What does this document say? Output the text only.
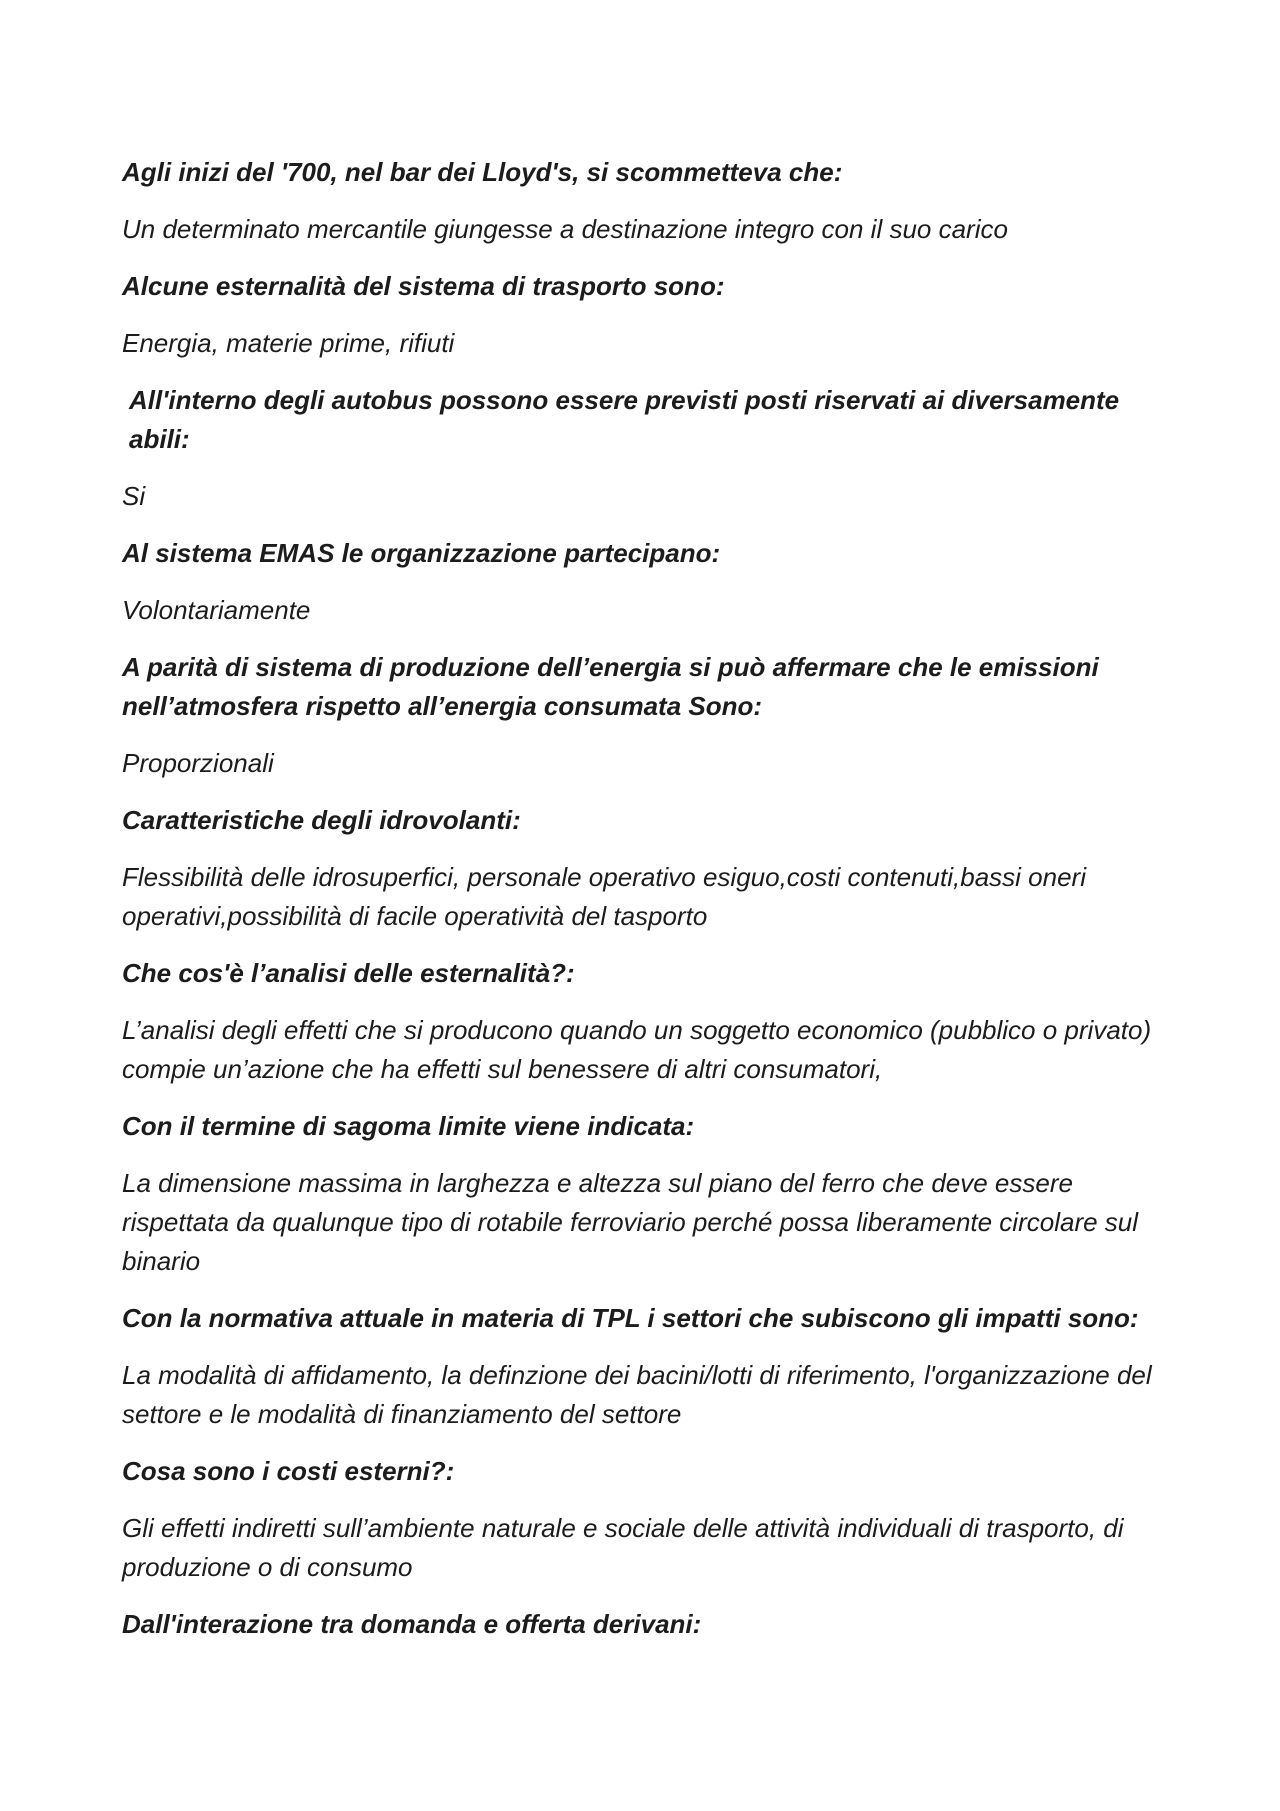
Agli inizi del '700, nel bar dei Lloyd's, si scommetteva che:

Un determinato mercantile giungesse a destinazione integro con il suo carico

Alcune esternalità del sistema di trasporto sono:

Energia, materie prime, rifiuti

All'interno degli autobus possono essere previsti posti riservati ai diversamente abili:

Si

Al sistema EMAS le organizzazione partecipano:

Volontariamente

A parità di sistema di produzione dell’energia si può affermare che le emissioni nell’atmosfera rispetto all’energia consumata Sono:

Proporzionali

Caratteristiche degli idrovolanti:

Flessibilità delle idrosuperfici, personale operativo esiguo,costi contenuti,bassi oneri operativi,possibilità di facile operatività del tasporto

Che cos'è l’analisi delle esternalità?:

L’analisi degli effetti che si producono quando un soggetto economico (pubblico o privato) compie un’azione che ha effetti sul benessere di altri consumatori,

Con il termine di sagoma limite viene indicata:

La dimensione massima in larghezza e altezza sul piano del ferro che deve essere rispettata da qualunque tipo di rotabile ferroviario perché possa liberamente circolare sul binario

Con la normativa attuale in materia di TPL i settori che subiscono gli impatti sono:

La modalità di affidamento, la definzione dei bacini/lotti di riferimento, l'organizzazione del settore e le modalità di finanziamento del settore

Cosa sono i costi esterni?:

Gli effetti indiretti sull’ambiente naturale e sociale delle attività individuali di trasporto, di produzione o di consumo

Dall'interazione tra domanda e offerta derivani:
